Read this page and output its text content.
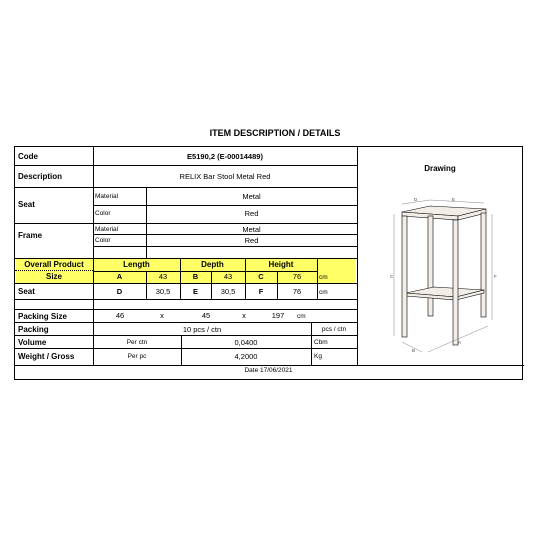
ITEM DESCRIPTION / DETAILS
Code	E5190,2 (E-00014489)
Description	RELIX Bar Stool Metal Red
Seat
Material	Metal
Color	Red
Frame
Material	Metal
Color	Red
Overall Product
Size
Length	Depth	Height
A	43	B	43	C	76	cm
Seat	D	30,5	E	30,5	F	76	cm
Packing Size	46	x	45	x	197	cm
Packing	10 pcs / ctn	pcs / ctn
Volume	Per ctn	0,0400	Cbm
Weight / Gross	Per pc	4,2000	Kg
Drawing
D	E
C	F
B
A
Date 17/06/2021
